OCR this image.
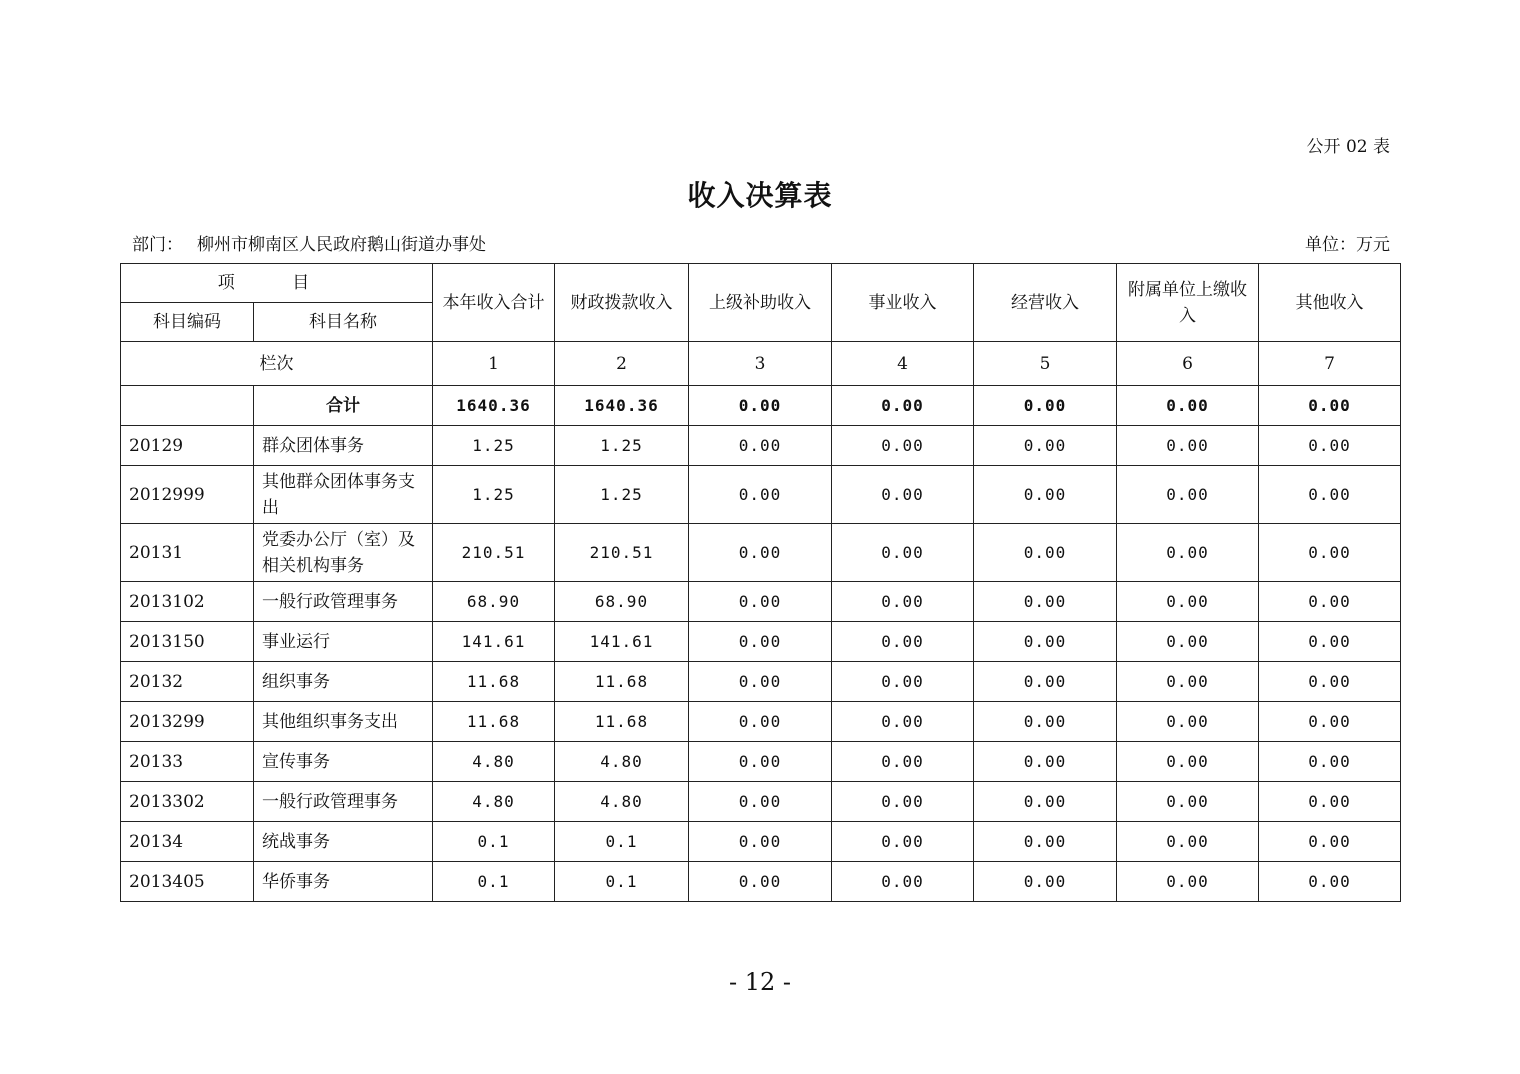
公开 02 表
收入决算表
部门： 柳州市柳南区人民政府鹅山街道办事处	单位：万元
项 目		本年收入合计	财政拨款收入	上级补助收入	事业收入	经营收入	附属单位上缴收入	其他收入
科目编码	科目名称							
栏次		1	2	3	4	5	6	7
	合计	1640.36	1640.36	0.00	0.00	0.00	0.00	0.00
20129	群众团体事务	1.25	1.25	0.00	0.00	0.00	0.00	0.00
2012999	其他群众团体事务支出	1.25	1.25	0.00	0.00	0.00	0.00	0.00
20131	党委办公厅（室）及相关机构事务	210.51	210.51	0.00	0.00	0.00	0.00	0.00
2013102	一般行政管理事务	68.90	68.90	0.00	0.00	0.00	0.00	0.00
2013150	事业运行	141.61	141.61	0.00	0.00	0.00	0.00	0.00
20132	组织事务	11.68	11.68	0.00	0.00	0.00	0.00	0.00
2013299	其他组织事务支出	11.68	11.68	0.00	0.00	0.00	0.00	0.00
20133	宣传事务	4.80	4.80	0.00	0.00	0.00	0.00	0.00
2013302	一般行政管理事务	4.80	4.80	0.00	0.00	0.00	0.00	0.00
20134	统战事务	0.1	0.1	0.00	0.00	0.00	0.00	0.00
2013405	华侨事务	0.1	0.1	0.00	0.00	0.00	0.00	0.00
- 12 -
